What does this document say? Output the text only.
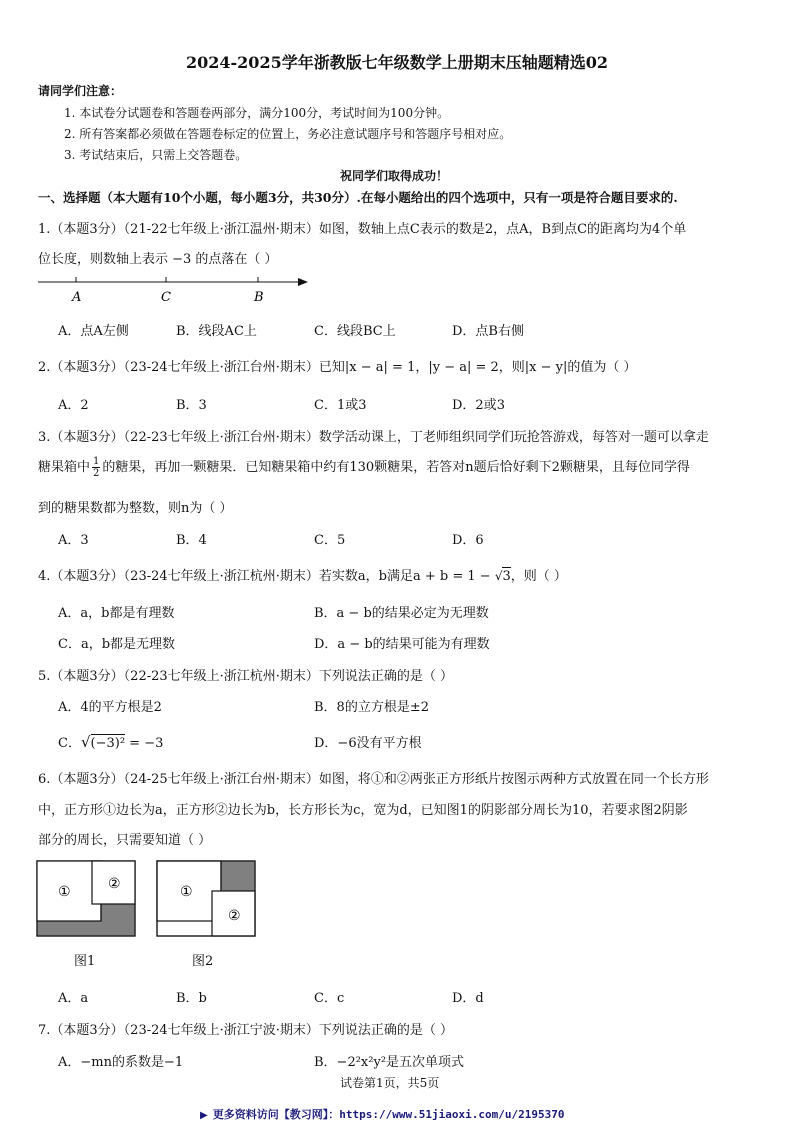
2024-2025学年浙教版七年级数学上册期末压轴题精选02
请同学们注意：
1. 本试卷分试题卷和答题卷两部分，满分100分，考试时间为100分钟。
2. 所有答案都必须做在答题卷标定的位置上，务必注意试题序号和答题序号相对应。
3. 考试结束后，只需上交答题卷。
祝同学们取得成功！
一、选择题（本大题有10个小题，每小题3分，共30分）.在每小题给出的四个选项中，只有一项是符合题目要求的.
1.（本题3分）（21-22七年级上·浙江温州·期末）如图，数轴上点C表示的数是2，点A，B到点C的距离均为4个单
位长度，则数轴上表示 −3 的点落在（ ）
A	C	B
A．点A左侧	B．线段AC上	C．线段BC上	D．点B右侧
2.（本题3分）（23-24七年级上·浙江台州·期末）已知|x − a| = 1，|y − a| = 2，则|x − y|的值为（ ）
A．2	B．3	C．1或3	D．2或3
3.（本题3分）（22-23七年级上·浙江台州·期末）数学活动课上，丁老师组织同学们玩抢答游戏，每答对一题可以拿走
糖果箱中 $\frac{1}{2}$ 的糖果，再加一颗糖果．已知糖果箱中约有130颗糖果，若答对n题后恰好剩下2颗糖果，且每位同学得
到的糖果数都为整数，则n为（ ）
A．3	B．4	C．5	D．6
4.（本题3分）（23-24七年级上·浙江杭州·期末）若实数a，b满足a + b = 1 − √3，则（ ）
A．a，b都是有理数	B．a − b的结果必定为无理数
C．a，b都是无理数	D．a − b的结果可能为有理数
5.（本题3分）（22-23七年级上·浙江杭州·期末）下列说法正确的是（ ）
A．4的平方根是2	B．8的立方根是±2
C．√(−3)² = −3	D．−6没有平方根
6.（本题3分）（24-25七年级上·浙江台州·期末）如图，将①和②两张正方形纸片按图示两种方式放置在同一个长方形
中，正方形①边长为a，正方形②边长为b，长方形长为c，宽为d，已知图1的阴影部分周长为10，若要求图2阴影
部分的周长，只需要知道（ ）
①	②	①
②
图1	图2
A．a	B．b	C．c	D．d
7.（本题3分）（23-24七年级上·浙江宁波·期末）下列说法正确的是（ ）
A．−mn的系数是−1	B．−2²x²y²是五次单项式
试卷第1页，共5页
▶ 更多资料访问【教习网】：https://www.51jiaoxi.com/u/2195370
